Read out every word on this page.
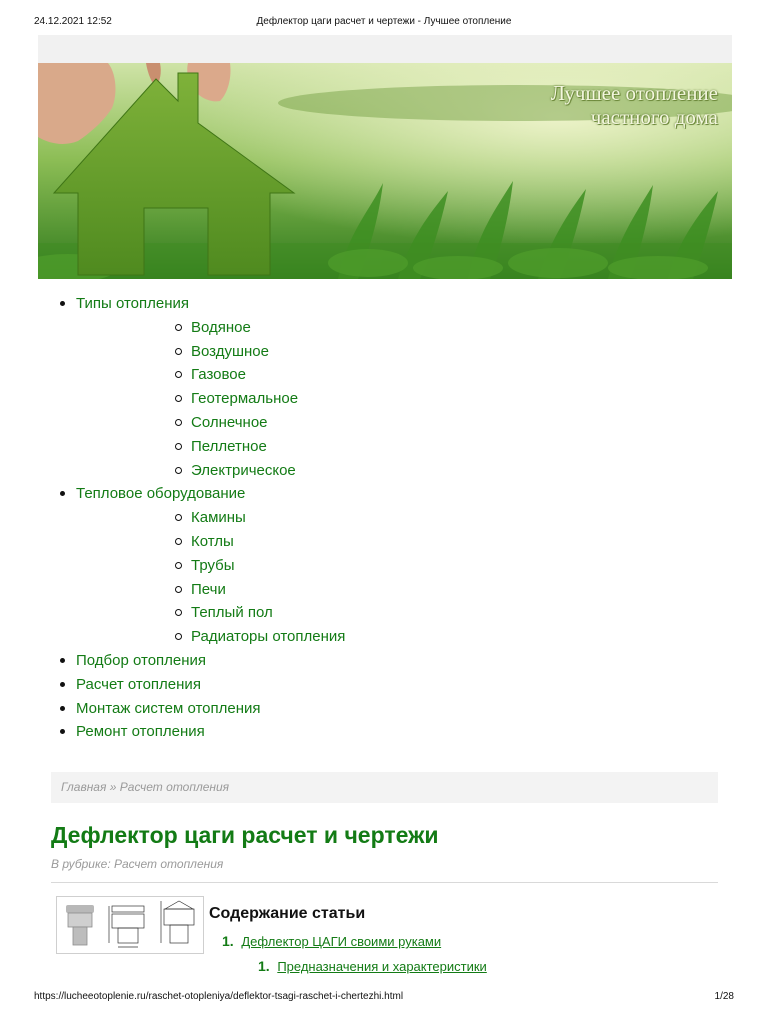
24.12.2021 12:52	Дефлектор цаги расчет и чертежи - Лучшее отопление
Лучшее отопление
частного дома
Типы отопления
Водяное
Воздушное
Газовое
Геотермальное
Солнечное
Пеллетное
Электрическое
Тепловое оборудование
Камины
Котлы
Трубы
Печи
Теплый пол
Радиаторы отопления
Подбор отопления
Расчет отопления
Монтаж систем отопления
Ремонт отопления
Главная » Расчет отопления
Дефлектор цаги расчет и чертежи
В рубрике: Расчет отопления
Содержание статьи
1. Дефлектор ЦАГИ своими руками
1. Предназначения и характеристики
https://lucheeotoplenie.ru/raschet-otopleniya/deflektor-tsagi-raschet-i-chertezhi.html	1/28
